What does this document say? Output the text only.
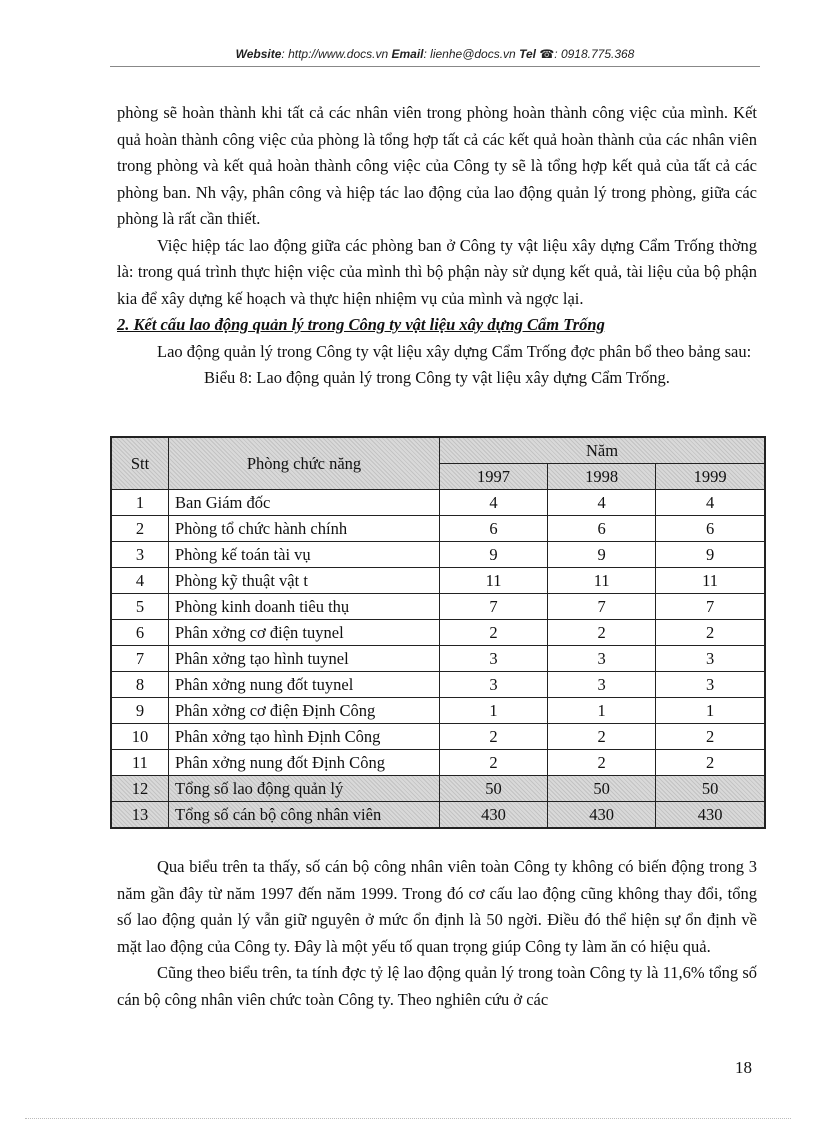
Website: http://www.docs.vn Email: lienhe@docs.vn Tel ☎: 0918.775.368

phòng sẽ hoàn thành khi tất cả các nhân viên trong phòng hoàn thành công việc của mình. Kết quả hoàn thành công việc của phòng là tổng hợp tất cả các kết quả hoàn thành của các nhân viên trong phòng và kết quả hoàn thành công việc của Công ty sẽ là tổng hợp kết quả của tất cả các phòng ban. Nh vậy, phân công và hiệp tác lao động của lao động quản lý trong phòng, giữa các phòng là rất cần thiết.

Việc hiệp tác lao động giữa các phòng ban ở Công ty vật liệu xây dựng Cẩm Trống thờng là: trong quá trình thực hiện việc của mình thì bộ phận này sử dụng kết quả, tài liệu của bộ phận kia để xây dựng kế hoạch và thực hiện nhiệm vụ của mình và ngợc lại.

2. Kết cấu lao động quản lý trong Công ty vật liệu xây dựng Cẩm Trống

Lao động quản lý trong Công ty vật liệu xây dựng Cẩm Trống đợc phân bổ theo bảng sau:

Biểu 8: Lao động quản lý trong Công ty vật liệu xây dựng Cẩm Trống.

Stt	Phòng chức năng	Năm		
		1997	1998	1999
1	Ban Giám đốc	4	4	4
2	Phòng tổ chức hành chính	6	6	6
3	Phòng kế toán tài vụ	9	9	9
4	Phòng kỹ thuật vật t	11	11	11
5	Phòng kinh doanh tiêu thụ	7	7	7
6	Phân xởng cơ điện tuynel	2	2	2
7	Phân xởng tạo hình tuynel	3	3	3
8	Phân xởng nung đốt tuynel	3	3	3
9	Phân xởng cơ điện Định Công	1	1	1
10	Phân xởng tạo hình Định Công	2	2	2
11	Phân xởng nung đốt Định Công	2	2	2
12	Tổng số lao động quản lý	50	50	50
13	Tổng số cán bộ công nhân viên	430	430	430

Qua biểu trên ta thấy, số cán bộ công nhân viên toàn Công ty không có biến động trong 3 năm gần đây từ năm 1997 đến năm 1999. Trong đó cơ cấu lao động cũng không thay đổi, tổng số lao động quản lý vẫn giữ nguyên ở mức ổn định là 50 ngời. Điều đó thể hiện sự ổn định về mặt lao động của Công ty. Đây là một yếu tố quan trọng giúp Công ty làm ăn có hiệu quả.

Cũng theo biểu trên, ta tính đợc tỷ lệ lao động quản lý trong toàn Công ty là 11,6% tổng số cán bộ công nhân viên chức toàn Công ty. Theo nghiên cứu ở các

18
